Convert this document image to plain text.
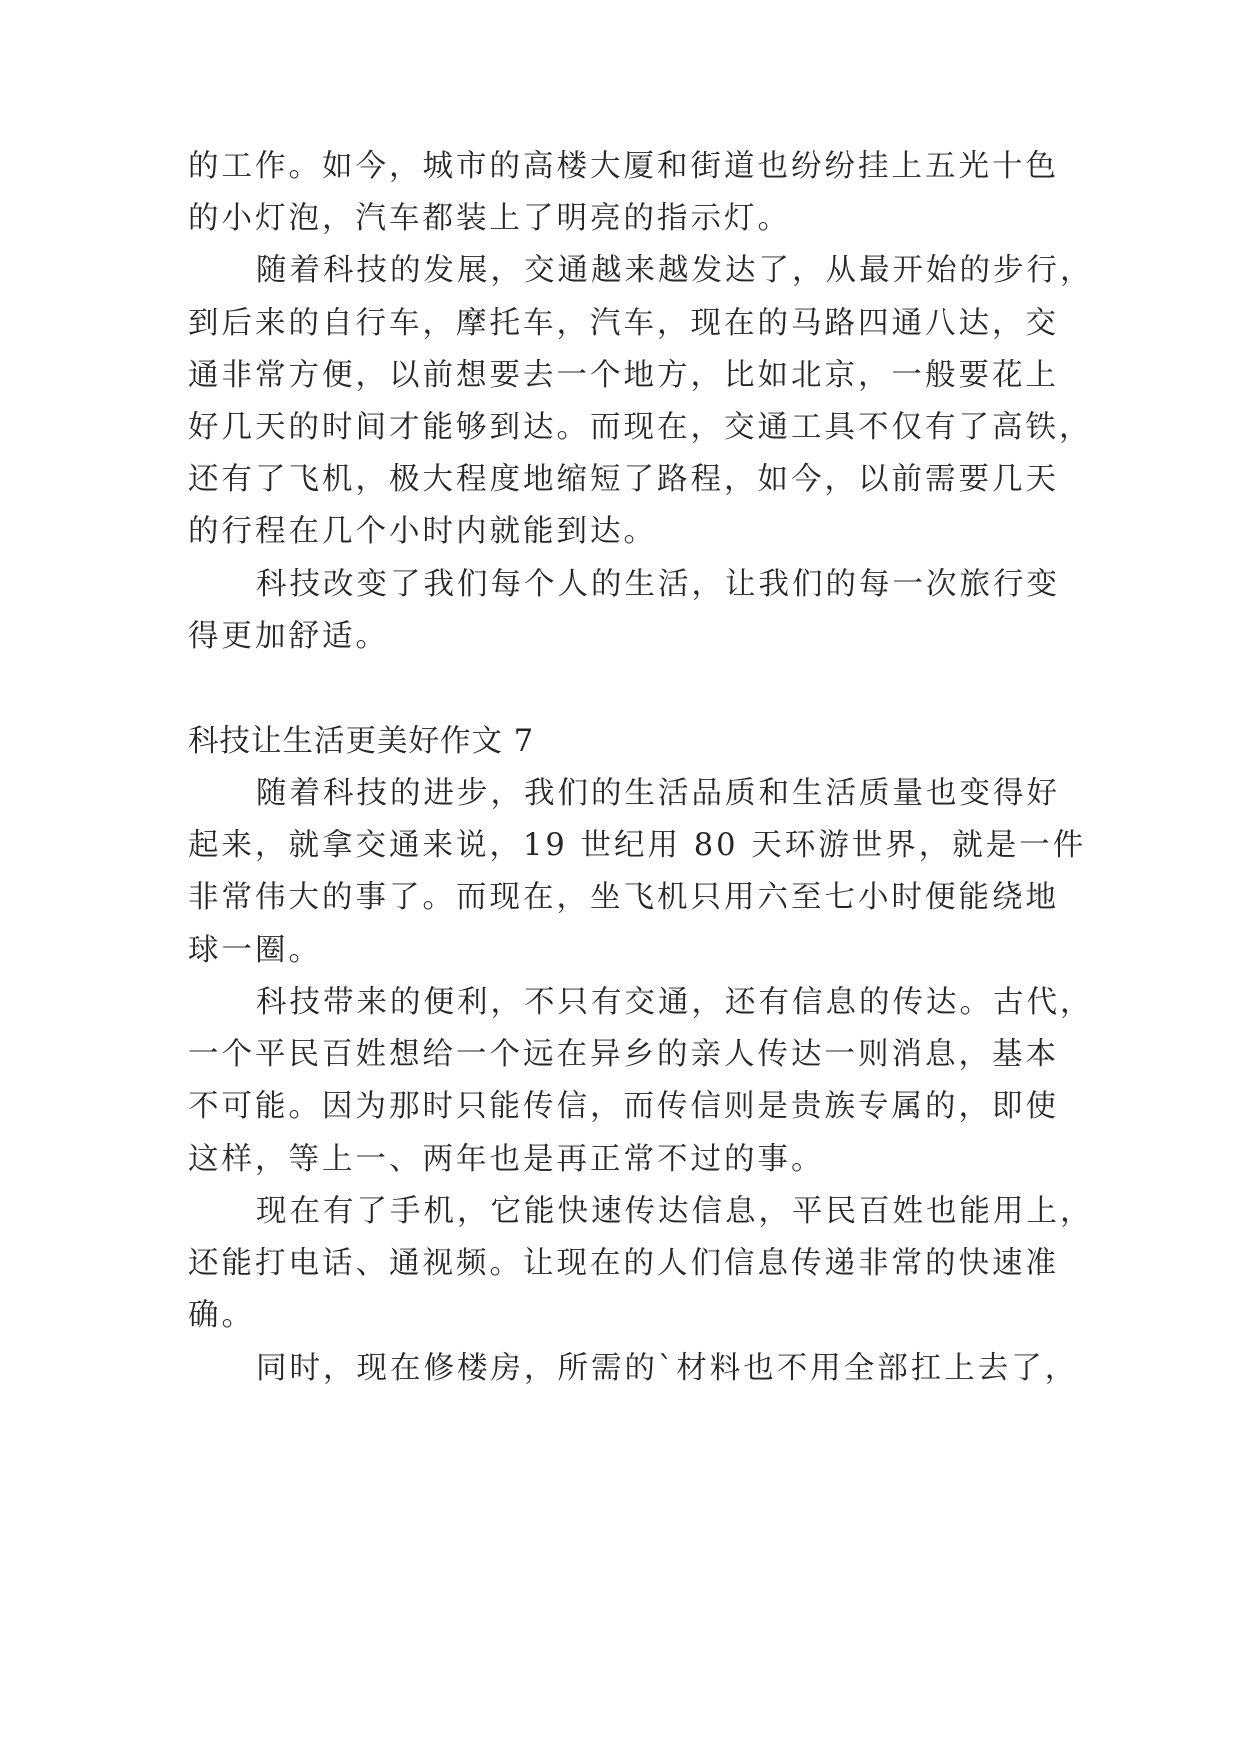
的工作。如今，城市的高楼大厦和街道也纷纷挂上五光十色
的小灯泡，汽车都装上了明亮的指示灯。
随着科技的发展，交通越来越发达了，从最开始的步行，
到后来的自行车，摩托车，汽车，现在的马路四通八达，交
通非常方便，以前想要去一个地方，比如北京，一般要花上
好几天的时间才能够到达。而现在，交通工具不仅有了高铁，
还有了飞机，极大程度地缩短了路程，如今，以前需要几天
的行程在几个小时内就能到达。
科技改变了我们每个人的生活，让我们的每一次旅行变
得更加舒适。
科技让生活更美好作文 7
随着科技的进步，我们的生活品质和生活质量也变得好
起来，就拿交通来说，19 世纪用 80 天环游世界，就是一件
非常伟大的事了。而现在，坐飞机只用六至七小时便能绕地
球一圈。
科技带来的便利，不只有交通，还有信息的传达。古代，
一个平民百姓想给一个远在异乡的亲人传达一则消息，基本
不可能。因为那时只能传信，而传信则是贵族专属的，即使
这样，等上一、两年也是再正常不过的事。
现在有了手机，它能快速传达信息，平民百姓也能用上，
还能打电话、通视频。让现在的人们信息传递非常的快速准
确。
同时，现在修楼房，所需的`材料也不用全部扛上去了，
